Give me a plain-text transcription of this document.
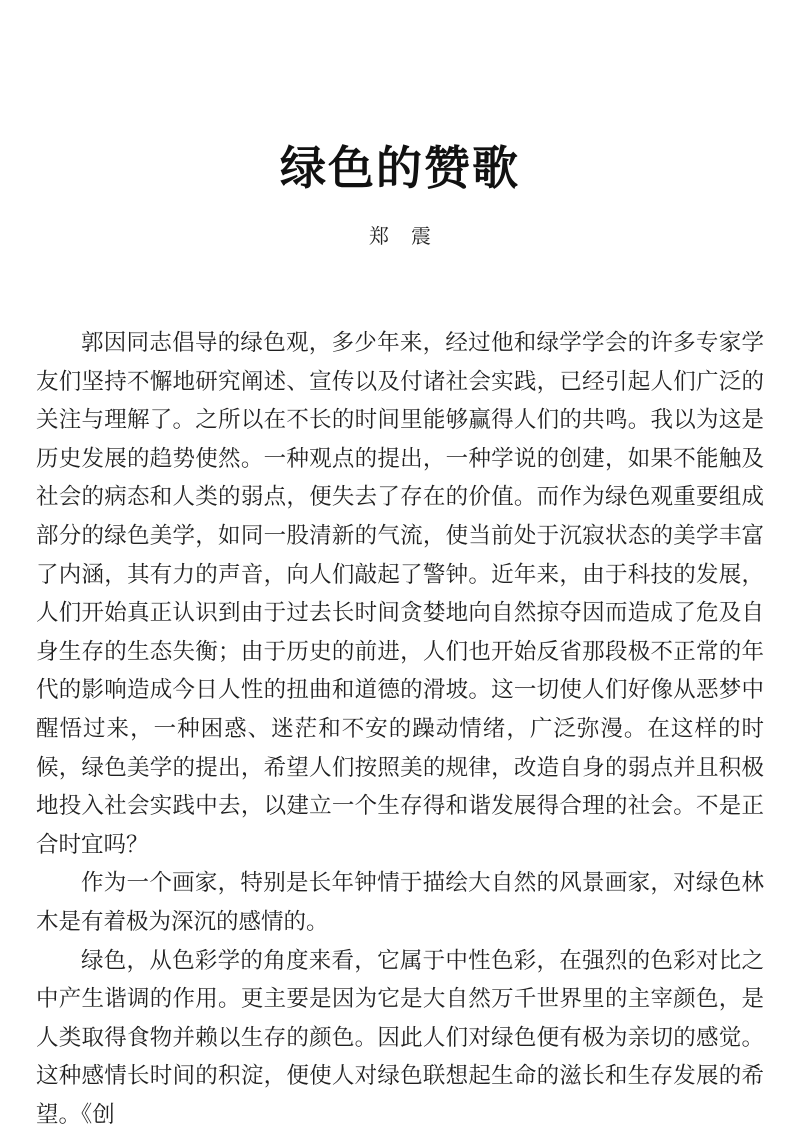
绿色的赞歌
郑震

郭因同志倡导的绿色观，多少年来，经过他和绿学学会的许多专家学友们坚持不懈地研究阐述、宣传以及付诸社会实践，已经引起人们广泛的关注与理解了。之所以在不长的时间里能够赢得人们的共鸣。我以为这是历史发展的趋势使然。一种观点的提出，一种学说的创建，如果不能触及社会的病态和人类的弱点，便失去了存在的价值。而作为绿色观重要组成部分的绿色美学，如同一股清新的气流，使当前处于沉寂状态的美学丰富了内涵，其有力的声音，向人们敲起了警钟。近年来，由于科技的发展，人们开始真正认识到由于过去长时间贪婪地向自然掠夺因而造成了危及自身生存的生态失衡；由于历史的前进，人们也开始反省那段极不正常的年代的影响造成今日人性的扭曲和道德的滑坡。这一切使人们好像从恶梦中醒悟过来，一种困惑、迷茫和不安的躁动情绪，广泛弥漫。在这样的时候，绿色美学的提出，希望人们按照美的规律，改造自身的弱点并且积极地投入社会实践中去，以建立一个生存得和谐发展得合理的社会。不是正合时宜吗？

作为一个画家，特别是长年钟情于描绘大自然的风景画家，对绿色林木是有着极为深沉的感情的。

绿色，从色彩学的角度来看，它属于中性色彩，在强烈的色彩对比之中产生谐调的作用。更主要是因为它是大自然万千世界里的主宰颜色，是人类取得食物并赖以生存的颜色。因此人们对绿色便有极为亲切的感觉。这种感情长时间的积淀，便使人对绿色联想起生命的滋长和生存发展的希望。《创
